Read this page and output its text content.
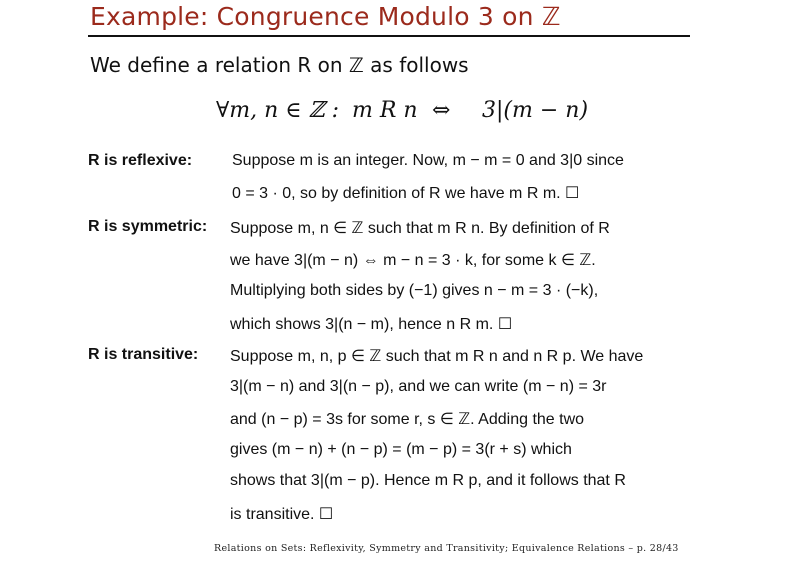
Example: Congruence Modulo 3 on ℤ
We define a relation R on ℤ as follows
∀m, n ∈ ℤ : m R n ⇔ 3|(m − n)
R is reflexive: Suppose m is an integer. Now, m − m = 0 and 3|0 since
0 = 3 · 0, so by definition of R we have m R m. ☐
R is symmetric: Suppose m, n ∈ ℤ such that m R n. By definition of R
we have 3|(m − n) ⇔ m − n = 3 · k, for some k ∈ ℤ.
Multiplying both sides by (−1) gives n − m = 3 · (−k),
which shows 3|(n − m), hence n R m. ☐
R is transitive: Suppose m, n, p ∈ ℤ such that m R n and n R p. We have
3|(m − n) and 3|(n − p), and we can write (m − n) = 3r
and (n − p) = 3s for some r, s ∈ ℤ. Adding the two
gives (m − n) + (n − p) = (m − p) = 3(r + s) which
shows that 3|(m − p). Hence m R p, and it follows that R
is transitive. ☐
Relations on Sets: Reflexivity, Symmetry and Transitivity; Equivalence Relations – p. 28/43
